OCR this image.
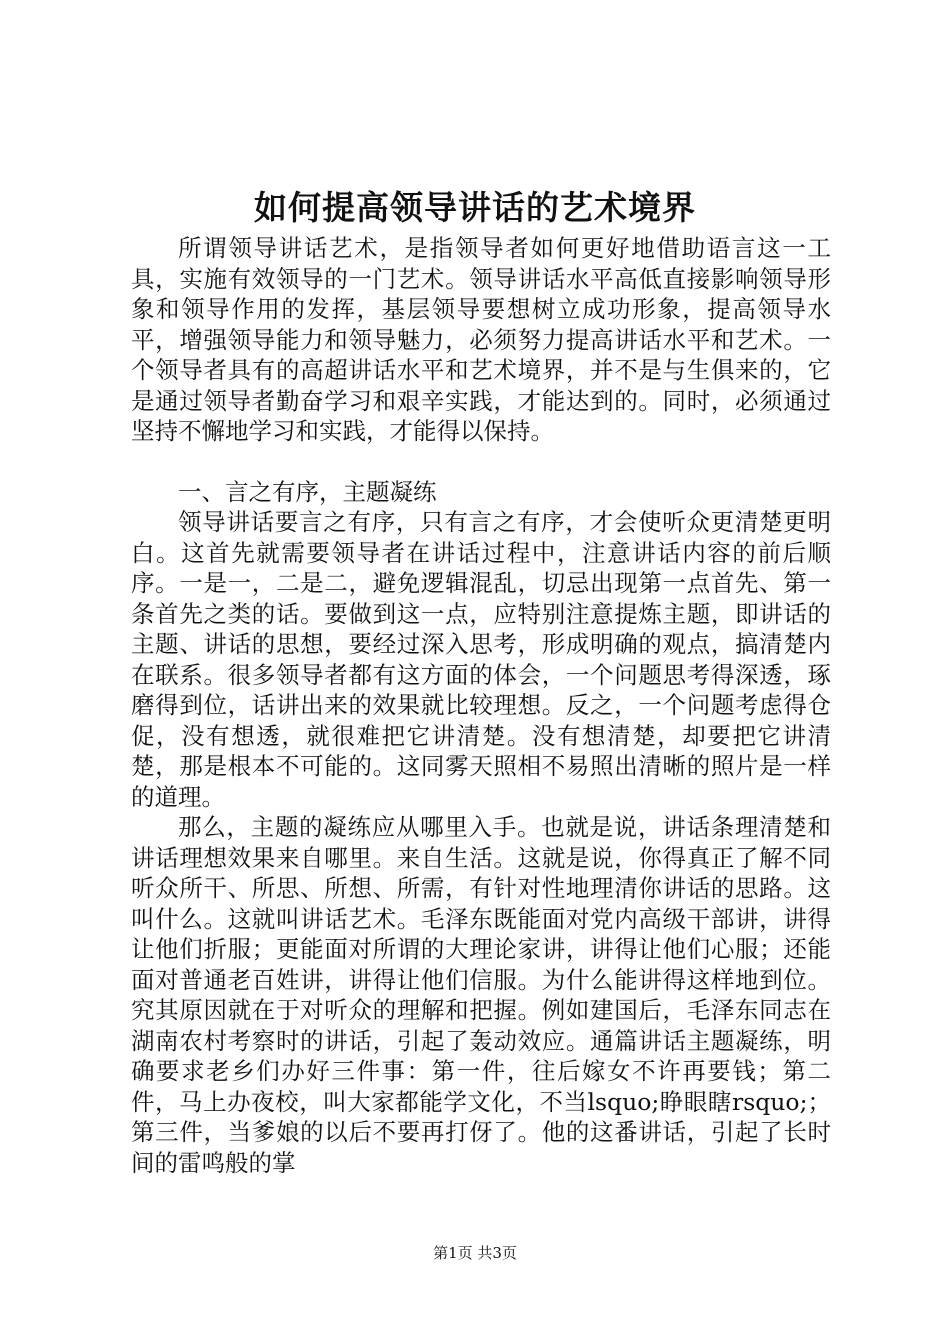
如何提高领导讲话的艺术境界

所谓领导讲话艺术，是指领导者如何更好地借助语言这一工具，实施有效领导的一门艺术。领导讲话水平高低直接影响领导形象和领导作用的发挥，基层领导要想树立成功形象，提高领导水平，增强领导能力和领导魅力，必须努力提高讲话水平和艺术。一个领导者具有的高超讲话水平和艺术境界，并不是与生俱来的，它是通过领导者勤奋学习和艰辛实践，才能达到的。同时，必须通过坚持不懈地学习和实践，才能得以保持。

一、言之有序，主题凝练

领导讲话要言之有序，只有言之有序，才会使听众更清楚更明白。这首先就需要领导者在讲话过程中，注意讲话内容的前后顺序。一是一，二是二，避免逻辑混乱，切忌出现第一点首先、第一条首先之类的话。要做到这一点，应特别注意提炼主题，即讲话的主题、讲话的思想，要经过深入思考，形成明确的观点，搞清楚内在联系。很多领导者都有这方面的体会，一个问题思考得深透，琢磨得到位，话讲出来的效果就比较理想。反之，一个问题考虑得仓促，没有想透，就很难把它讲清楚。没有想清楚，却要把它讲清楚，那是根本不可能的。这同雾天照相不易照出清晰的照片是一样的道理。

那么，主题的凝练应从哪里入手。也就是说，讲话条理清楚和讲话理想效果来自哪里。来自生活。这就是说，你得真正了解不同听众所干、所思、所想、所需，有针对性地理清你讲话的思路。这叫什么。这就叫讲话艺术。毛泽东既能面对党内高级干部讲，讲得让他们折服；更能面对所谓的大理论家讲，讲得让他们心服；还能面对普通老百姓讲，讲得让他们信服。为什么能讲得这样地到位。究其原因就在于对听众的理解和把握。例如建国后，毛泽东同志在湖南农村考察时的讲话，引起了轰动效应。通篇讲话主题凝练，明确要求老乡们办好三件事：第一件，往后嫁女不许再要钱；第二件，马上办夜校，叫大家都能学文化，不当lsquo;睁眼瞎rsquo;；第三件，当爹娘的以后不要再打伢了。他的这番讲话，引起了长时间的雷鸣般的掌

第1页 共3页
